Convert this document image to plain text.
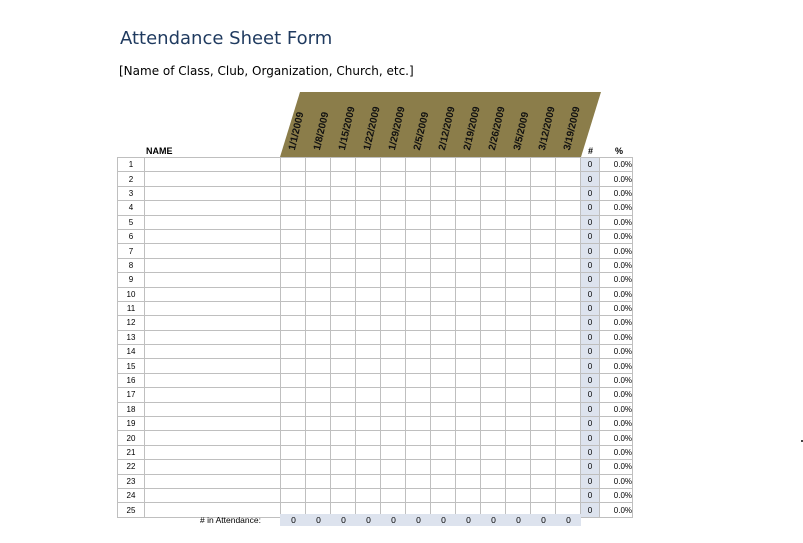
Attendance Sheet Form
[Name of Class, Club, Organization, Church, etc.]
1/1/2009 1/8/2009 1/15/2009 1/22/2009 1/29/2009 2/5/2009 2/12/2009 2/19/2009 2/26/2009 3/5/2009 3/12/2009 3/19/2009
NAME	# %
1														0	0.0%
2														0	0.0%
3														0	0.0%
4														0	0.0%
5														0	0.0%
6														0	0.0%
7														0	0.0%
8														0	0.0%
9														0	0.0%
10														0	0.0%
11														0	0.0%
12														0	0.0%
13														0	0.0%
14														0	0.0%
15														0	0.0%
16														0	0.0%
17														0	0.0%
18														0	0.0%
19														0	0.0%
20														0	0.0%
21														0	0.0%
22														0	0.0%
23														0	0.0%
24														0	0.0%
25														0	0.0%
# in Attendance:	0	0	0	0	0	0	0	0	0	0	0	0
